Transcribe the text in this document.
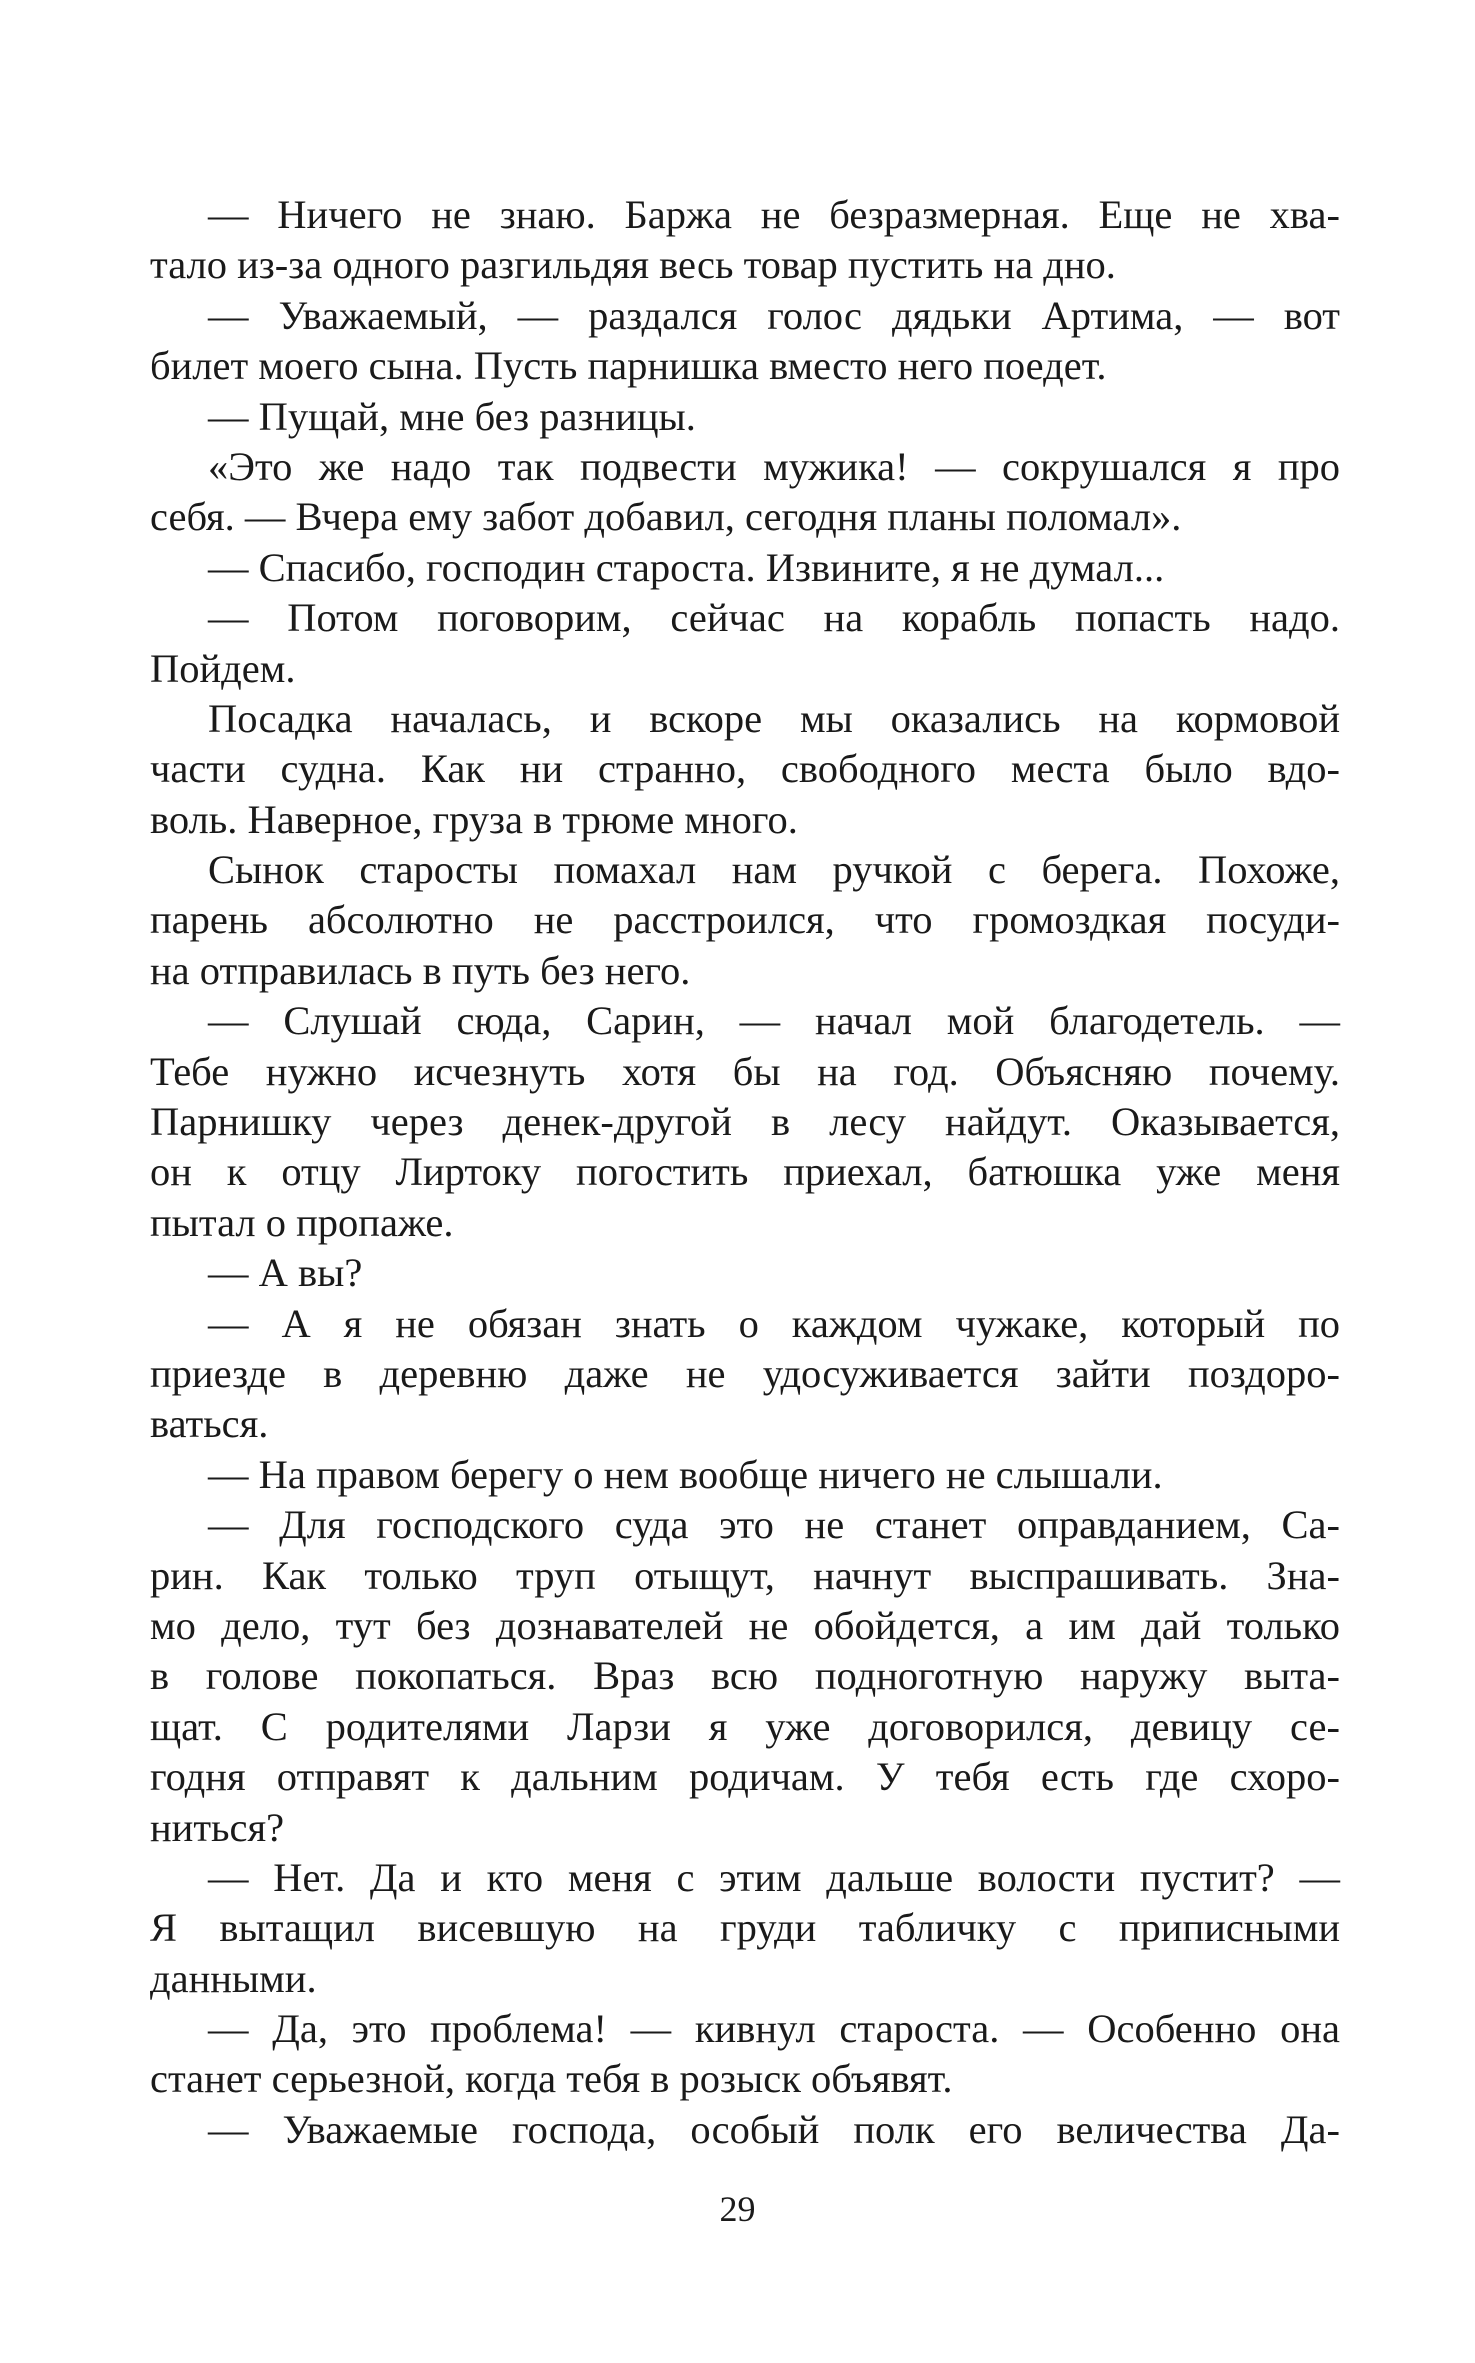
— Ничего не знаю. Баржа не безразмерная. Еще не хва-
тало из-за одного разгильдяя весь товар пустить на дно.
— Уважаемый, — раздался голос дядьки Артима, — вот
билет моего сына. Пусть парнишка вместо него поедет.
— Пущай, мне без разницы.
«Это же надо так подвести мужика! — сокрушался я про
себя. — Вчера ему забот добавил, сегодня планы поломал».
— Спасибо, господин староста. Извините, я не думал...
— Потом поговорим, сейчас на корабль попасть надо.
Пойдем.
Посадка началась, и вскоре мы оказались на кормовой
части судна. Как ни странно, свободного места было вдо-
воль. Наверное, груза в трюме много.
Сынок старосты помахал нам ручкой с берега. Похоже,
парень абсолютно не расстроился, что громоздкая посуди-
на отправилась в путь без него.
— Слушай сюда, Сарин, — начал мой благодетель. —
Тебе нужно исчезнуть хотя бы на год. Объясняю почему.
Парнишку через денек-другой в лесу найдут. Оказывается,
он к отцу Лиртоку погостить приехал, батюшка уже меня
пытал о пропаже.
— А вы?
— А я не обязан знать о каждом чужаке, который по
приезде в деревню даже не удосуживается зайти поздоро-
ваться.
— На правом берегу о нем вообще ничего не слышали.
— Для господского суда это не станет оправданием, Са-
рин. Как только труп отыщут, начнут выспрашивать. Зна-
мо дело, тут без дознавателей не обойдется, а им дай только
в голове покопаться. Враз всю подноготную наружу выта-
щат. С родителями Ларзи я уже договорился, девицу се-
годня отправят к дальним родичам. У тебя есть где схоро-
ниться?
— Нет. Да и кто меня с этим дальше волости пустит? —
Я вытащил висевшую на груди табличку с приписными
данными.
— Да, это проблема! — кивнул староста. — Особенно она
станет серьезной, когда тебя в розыск объявят.
— Уважаемые господа, особый полк его величества Да-
29
